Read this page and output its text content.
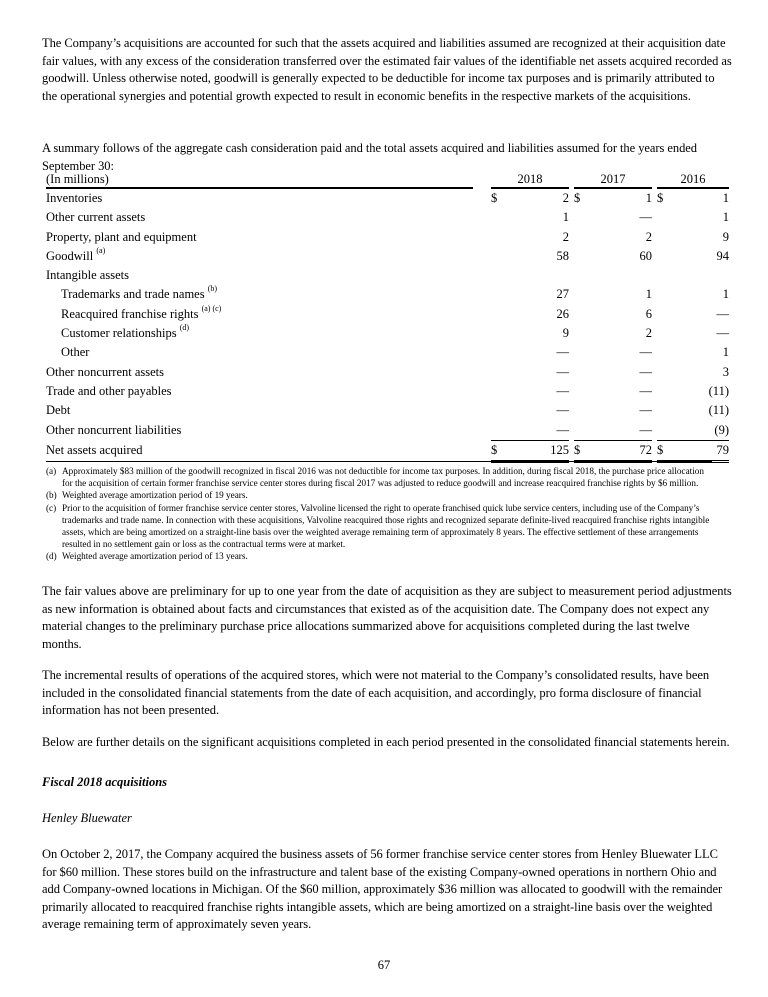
The Company’s acquisitions are accounted for such that the assets acquired and liabilities assumed are recognized at their acquisition date fair values, with any excess of the consideration transferred over the estimated fair values of the identifiable net assets acquired recorded as goodwill. Unless otherwise noted, goodwill is generally expected to be deductible for income tax purposes and is primarily attributed to the operational synergies and potential growth expected to result in economic benefits in the respective markets of the acquisitions.

A summary follows of the aggregate cash consideration paid and the total assets acquired and liabilities assumed for the years ended September 30:

(In millions)		2018			2017			2016	
Inventories		$	2		$	1		$	1
Other current assets			1			—			1
Property, plant and equipment			2			2			9
Goodwill $^{(a)}$			58			60			94
Intangible assets									
Trademarks and trade names $^{(b)}$			27			1			1
Reacquired franchise rights $^{(a) (c)}$			26			6			—
Customer relationships $^{(d)}$			9			2			—
Other			—			—			1
Other noncurrent assets			—			—			3
Trade and other payables			—			—			(11)
Debt			—			—			(11)
Other noncurrent liabilities			—			—			(9)
Net assets acquired		$	125		$	72		$	79
(a) Approximately $83 million of the goodwill recognized in fiscal 2016 was not deductible for income tax purposes. In addition, during fiscal 2018, the purchase price allocation for the acquisition of certain former franchise service center stores during fiscal 2017 was adjusted to reduce goodwill and increase reacquired franchise rights by $6 million.
(b) Weighted average amortization period of 19 years.
(c) Prior to the acquisition of former franchise service center stores, Valvoline licensed the right to operate franchised quick lube service centers, including use of the Company’s trademarks and trade name. In connection with these acquisitions, Valvoline reacquired those rights and recognized separate definite-lived reacquired franchise rights intangible assets, which are being amortized on a straight-line basis over the weighted average remaining term of approximately 8 years. The effective settlement of these arrangements resulted in no settlement gain or loss as the contractual terms were at market.
(d) Weighted average amortization period of 13 years.

The fair values above are preliminary for up to one year from the date of acquisition as they are subject to measurement period adjustments as new information is obtained about facts and circumstances that existed as of the acquisition date. The Company does not expect any material changes to the preliminary purchase price allocations summarized above for acquisitions completed during the last twelve months.

The incremental results of operations of the acquired stores, which were not material to the Company’s consolidated results, have been included in the consolidated financial statements from the date of each acquisition, and accordingly, pro forma disclosure of financial information has not been presented.

Below are further details on the significant acquisitions completed in each period presented in the consolidated financial statements herein.

Fiscal 2018 acquisitions
Henley Bluewater

On October 2, 2017, the Company acquired the business assets of 56 former franchise service center stores from Henley Bluewater LLC for $60 million. These stores build on the infrastructure and talent base of the existing Company-owned operations in northern Ohio and add Company-owned locations in Michigan. Of the $60 million, approximately $36 million was allocated to goodwill with the remainder primarily allocated to reacquired franchise rights intangible assets, which are being amortized on a straight-line basis over the weighted average remaining term of approximately seven years.

67
